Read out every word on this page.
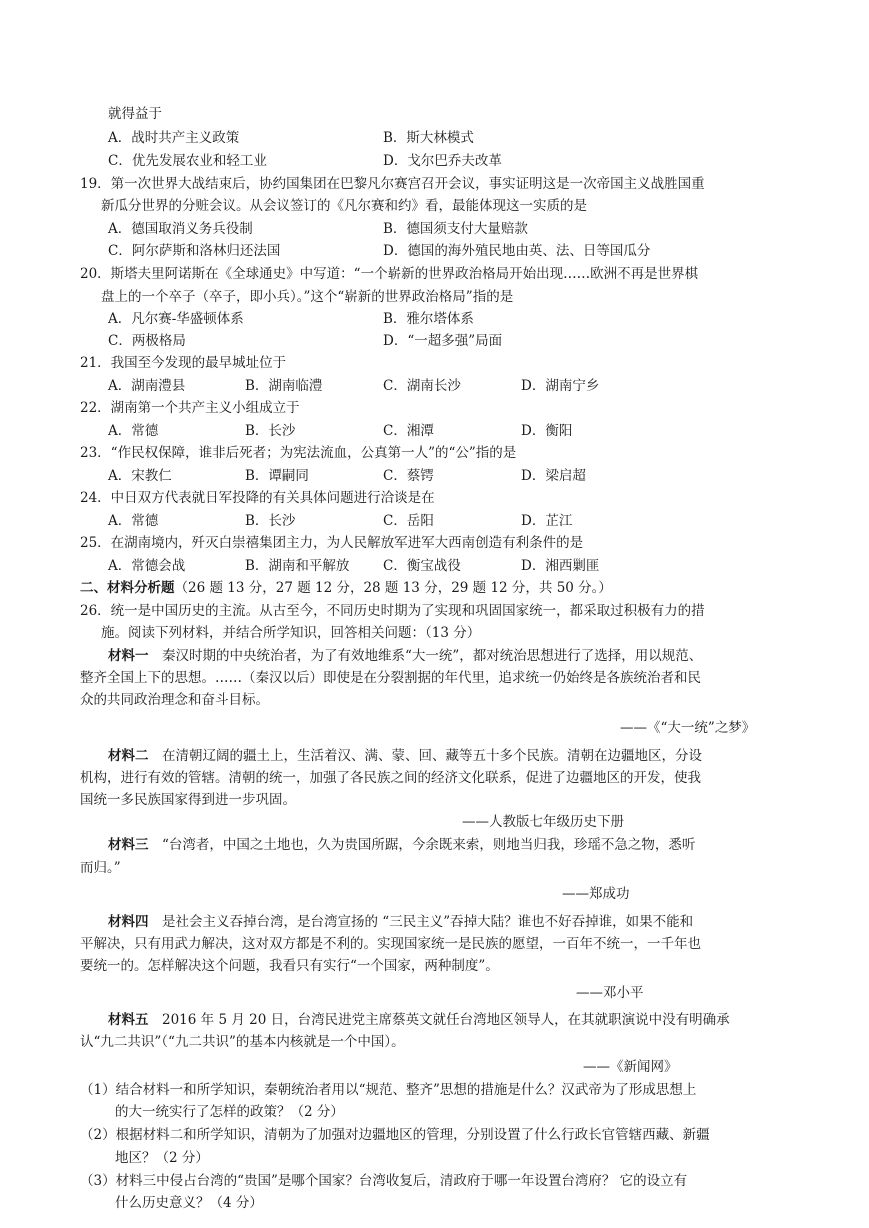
就得益于
A．战时共产主义政策	B．斯大林模式
C．优先发展农业和轻工业	D．戈尔巴乔夫改革
19．第一次世界大战结束后，协约国集团在巴黎凡尔赛宫召开会议，事实证明这是一次帝国主义战胜国重
新瓜分世界的分赃会议。从会议签订的《凡尔赛和约》看，最能体现这一实质的是
A．德国取消义务兵役制	B．德国须支付大量赔款
C．阿尔萨斯和洛林归还法国	D．德国的海外殖民地由英、法、日等国瓜分
20．斯塔夫里阿诺斯在《全球通史》中写道：“一个崭新的世界政治格局开始出现……欧洲不再是世界棋
盘上的一个卒子（卒子，即小兵）。”这个“崭新的世界政治格局”指的是
A．凡尔赛-华盛顿体系	B．雅尔塔体系
C．两极格局	D．“一超多强”局面
21．我国至今发现的最早城址位于
A．湖南澧县	B．湖南临澧	C．湖南长沙	D．湖南宁乡
22．湖南第一个共产主义小组成立于
A．常德	B．长沙	C．湘潭	D．衡阳
23．“作民权保障，谁非后死者；为宪法流血，公真第一人”的“公”指的是
A．宋教仁	B．谭嗣同	C．蔡锷	D．梁启超
24．中日双方代表就日军投降的有关具体问题进行洽谈是在
A．常德	B．长沙	C．岳阳	D．芷江
25．在湖南境内，歼灭白崇禧集团主力，为人民解放军进军大西南创造有利条件的是
A．常德会战	B．湖南和平解放 C．衡宝战役	D．湘西剿匪
二、材料分析题（26 题 13 分，27 题 12 分，28 题 13 分，29 题 12 分，共 50 分。）
26．统一是中国历史的主流。从古至今，不同历史时期为了实现和巩固国家统一，都采取过积极有力的措
施。阅读下列材料，并结合所学知识，回答相关问题：（13 分）
材料一　秦汉时期的中央统治者，为了有效地维系“大一统”，都对统治思想进行了选择，用以规范、
整齐全国上下的思想。……（秦汉以后）即使是在分裂割据的年代里，追求统一仍始终是各族统治者和民
众的共同政治理念和奋斗目标。
——《“大一统”之梦》
材料二　在清朝辽阔的疆土上，生活着汉、满、蒙、回、藏等五十多个民族。清朝在边疆地区，分设
机构，进行有效的管辖。清朝的统一，加强了各民族之间的经济文化联系，促进了边疆地区的开发，使我
国统一多民族国家得到进一步巩固。
——人教版七年级历史下册
材料三　“台湾者，中国之土地也，久为贵国所踞，今余既来索，则地当归我，珍瑶不急之物，悉听
而归。”
——郑成功
材料四　是社会主义吞掉台湾，是台湾宣扬的 “三民主义”吞掉大陆？谁也不好吞掉谁，如果不能和
平解决，只有用武力解决，这对双方都是不利的。实现国家统一是民族的愿望，一百年不统一，一千年也
要统一的。怎样解决这个问题，我看只有实行“一个国家，两种制度”。
——邓小平
材料五　2016 年 5 月 20 日，台湾民进党主席蔡英文就任台湾地区领导人，在其就职演说中没有明确承
认“九二共识”（“九二共识”的基本内核就是一个中国）。
——《新闻网》
（1）结合材料一和所学知识，秦朝统治者用以“规范、整齐”思想的措施是什么？汉武帝为了形成思想上
的大一统实行了怎样的政策？（2 分）
（2）根据材料二和所学知识，清朝为了加强对边疆地区的管理，分别设置了什么行政长官管辖西藏、新疆
地区？（2 分）
（3）材料三中侵占台湾的“贵国”是哪个国家？台湾收复后，清政府于哪一年设置台湾府？ 它的设立有
什么历史意义？（4 分）
